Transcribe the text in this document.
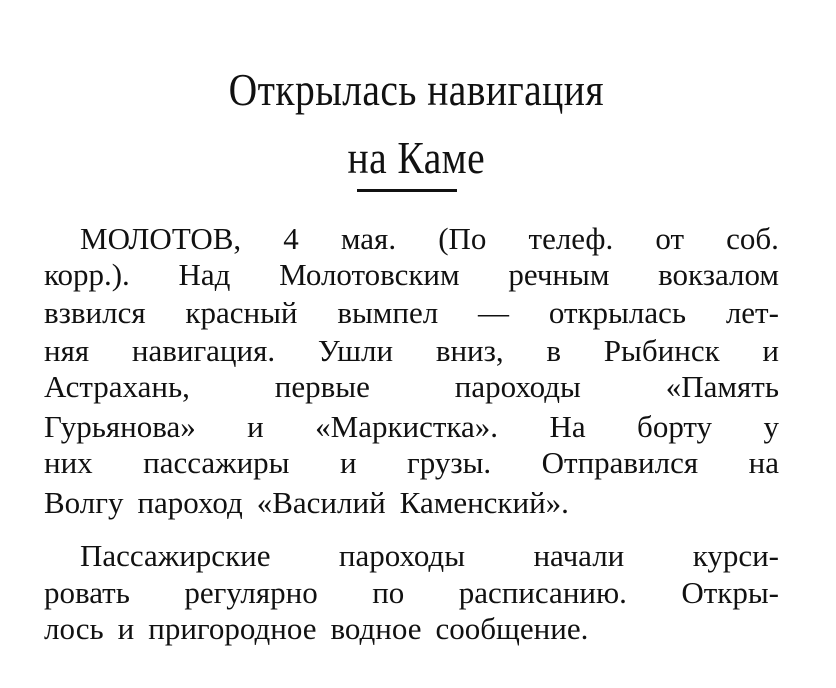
Открылась навигация
на Каме
МОЛОТОВ, 4 мая. (По телеф. от соб.
корр.). Над Молотовским речным вокзалом
взвился красный вымпел — открылась лет-
няя навигация. Ушли вниз, в Рыбинск и
Астрахань,	первые	пароходы	«Память
Гурьянова» и «Маркистка». На борту у
них пассажиры и грузы. Отправился на
Волгу пароход «Василий Каменский».
Пассажирские пароходы начали курси-
ровать регулярно по расписанию. Откры-
лось и пригородное водное сообщение.
